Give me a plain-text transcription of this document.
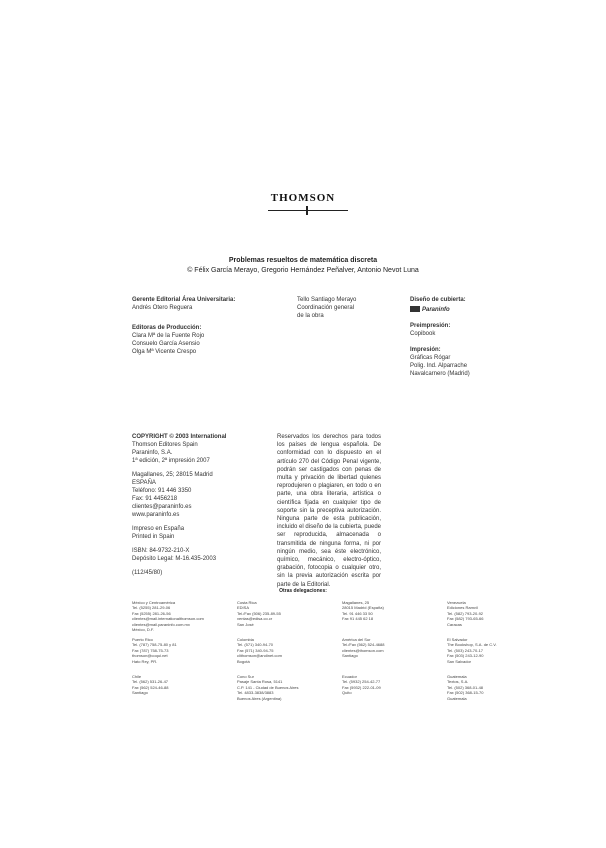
THOMSON
Problemas resueltos de matemática discreta
© Félix García Merayo, Gregorio Hernández Peñalver, Antonio Nevot Luna
Gerente Editorial Área Universitaria:
Andrés Otero Reguera
Editoras de Producción:
Clara Mª de la Fuente Rojo
Consuelo García Asensio
Olga Mª Vicente Crespo
Tello Santiago Merayo
Coordinación general
de la obra
Diseño de cubierta:
Paraninfo
Preimpresión:
Copibook
Impresión:
Gráficas Rógar
Polig. Ind. Alparrache
Navalcarnero (Madrid)
COPYRIGHT © 2003 International
Thomson Editores Spain
Paraninfo, S.A.
1ª edición, 2ª impresión 2007
Magallanes, 25; 28015 Madrid
ESPAÑA
Teléfono: 91 446 3350
Fax: 91 4456218
clientes@paraninfo.es
www.paraninfo.es
Impreso en España
Printed in Spain
ISBN: 84-9732-210-X
Depósito Legal: M-16.435-2003
(112/45/80)
Reservados los derechos para todos los países de lengua española. De conformidad con lo dispuesto en el artículo 270 del Código Penal vigente, podrán ser castigados con penas de multa y privación de libertad quienes reprodujeren o plagiaren, en todo o en parte, una obra literaria, artística o científica fijada en cualquier tipo de soporte sin la preceptiva autorización. Ninguna parte de esta publicación, incluido el diseño de la cubierta, puede ser reproducida, almacenada o transmitida de ninguna forma, ni por ningún medio, sea éste electrónico, químico, mecánico, electro-óptico, grabación, fotocopia o cualquier otro, sin la previa autorización escrita por parte de la Editorial.
Otras delegaciones:
México y Centroamérica
Tel. (5255) 281-29-06
Fax (5255) 281-26-56
clientes@mail.internationalthomson.com
clientes@mail.paraninfo.com.mx
México, D.F.
Puerto Rico
Tel. (787) 758-75-80 y 81
Fax (787) 758-75-73
thomson@coqui.net
Hato Rey, PR.
Chile
Tel. (562) 531-26-47
Fax (562) 524-46-88
Santiago
Costa Rica
EDISA
Tel./Fax (506) 235-89-55
ventas@edisa.co.cr
San José
Colombia
Tel. (571) 340-94-70
Fax (571) 340-94-75
clithomson@andinet.com
Bogotá
Cono Sur
Pasaje Santa Rosa, 5141
C.P. 141 - Ciudad de Buenos Aires
Tel. 4833-3838/3883
Buenos Aires (Argentina)
Magallanes, 25
28015 Madrid (España)
Tel. 91 446 33 50
Fax 91 445 62 18
América del Sur
Tel./Fax (562) 524-4688
clientes@thomson.com
Santiago
Ecuador
Tel. (5932) 254-42-77
Fax (5932) 222-01-09
Quito
Venezuela
Ediciones Ramvil
Tel. (582) 793-20-92
Fax (582) 793-65-66
Caracas
El Salvador
The Bookshop, S.A. de C.V.
Tel. (503) 243-70-17
Fax (503) 243-12-90
San Salvador
Guatemala
Textos, S.A.
Tel. (502) 368-01-48
Fax (502) 368-15-70
Guatemala
